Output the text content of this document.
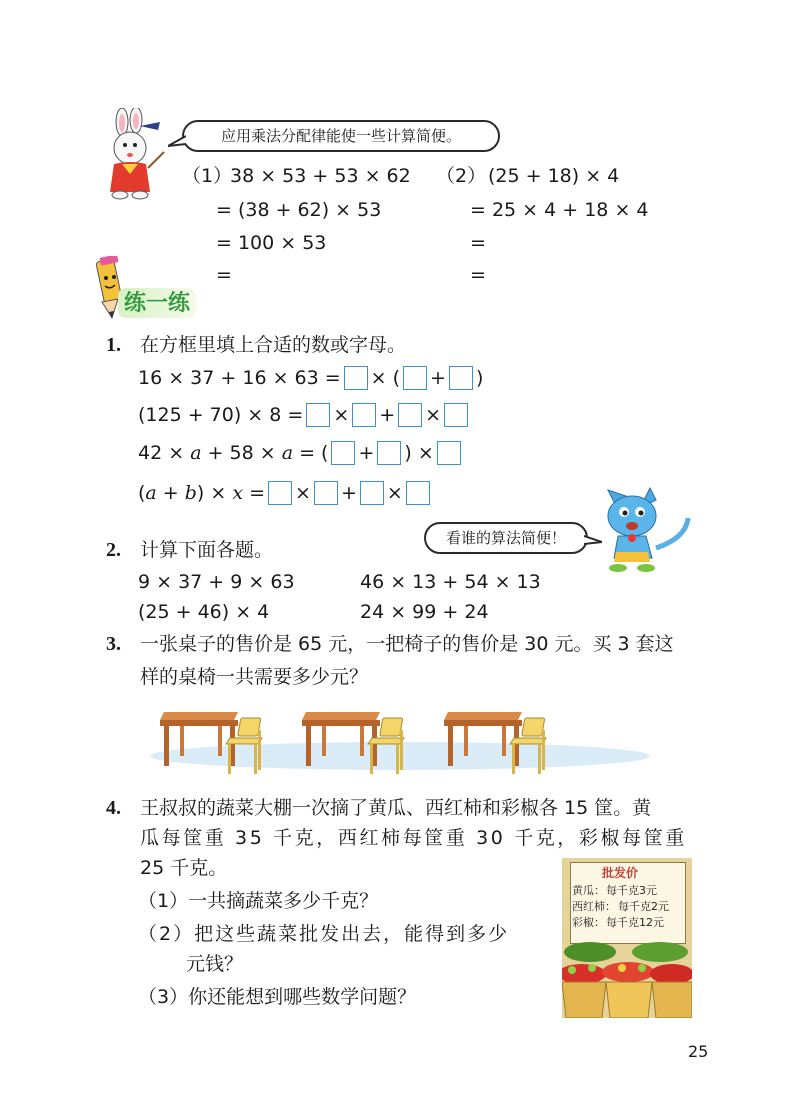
应用乘法分配律能使一些计算简便。
（1）
38 × 53 + 53 × 62
= (38 + 62) × 53
= 100 × 53
=
（2） (25 + 18) × 4
= 25 × 4 + 18 × 4
=
=
练一练
1. 在方框里填上合适的数或字母。
16 × 37 + 16 × 63 = × ( + )
(125 + 70) × 8 = × + ×
42 × a + 58 × a = ( + ) ×
(a + b) × x = × + ×
2. 计算下面各题。
看谁的算法简便！
9 × 37 + 9 × 63	46 × 13 + 54 × 13
(25 + 46) × 4	24 × 99 + 24
3. 一张桌子的售价是 65 元，一把椅子的售价是 30 元。买 3 套这
样的桌椅一共需要多少元？
4. 王叔叔的蔬菜大棚一次摘了黄瓜、西红柿和彩椒各 15 筐。黄
瓜每筐重 35 千克，西红柿每筐重 30 千克，彩椒每筐重
25 千克。
（1）一共摘蔬菜多少千克？
（2）把这些蔬菜批发出去，能得到多少
元钱？
（3）你还能想到哪些数学问题？
批发价
黄瓜： 每千克3元
西红柿： 每千克2元
彩椒： 每千克12元
25
